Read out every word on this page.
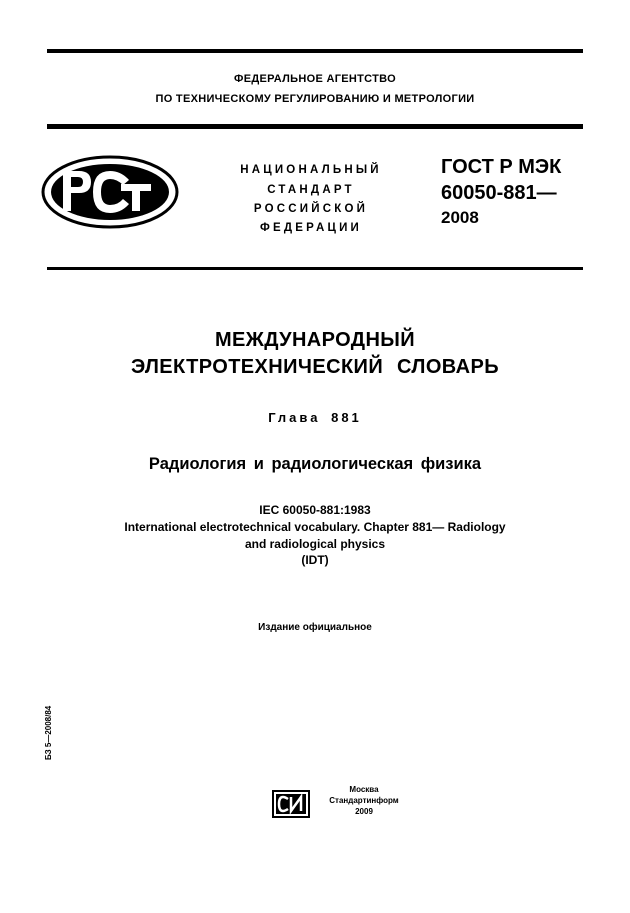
ФЕДЕРАЛЬНОЕ АГЕНТСТВО
ПО ТЕХНИЧЕСКОМУ РЕГУЛИРОВАНИЮ И МЕТРОЛОГИИ
НАЦИОНАЛЬНЫЙ
СТАНДАРТ
РОССИЙСКОЙ
ФЕДЕРАЦИИ
ГОСТ Р МЭК
60050-881—
2008
МЕЖДУНАРОДНЫЙ
ЭЛЕКТРОТЕХНИЧЕСКИЙ СЛОВАРЬ
Глава 881
Радиология и радиологическая физика
IEC 60050-881:1983
International electrotechnical vocabulary. Chapter 881— Radiology
and radiological physics
(IDT)
Издание официальное
БЗ 5—2008/84
Москва
Стандартинформ
2009
